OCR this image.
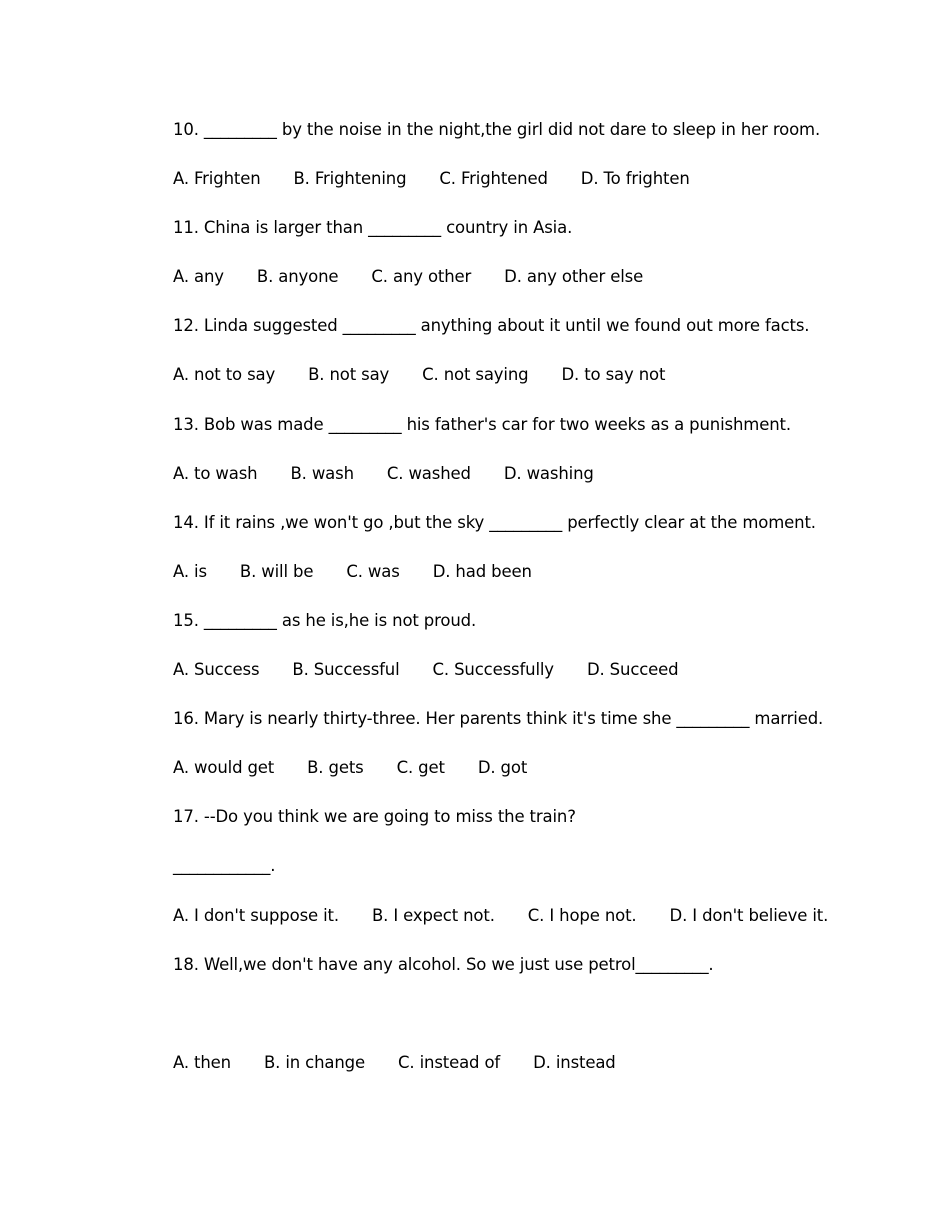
10. _________ by the noise in the night,the girl did not dare to sleep in her room.
A. Frighten B. Frightening C. Frightened D. To frighten
11. China is larger than _________ country in Asia.
A. any B. anyone C. any other D. any other else
12. Linda suggested _________ anything about it until we found out more facts.
A. not to say B. not say C. not saying D. to say not
13. Bob was made _________ his father's car for two weeks as a punishment.
A. to wash B. wash C. washed D. washing
14. If it rains ,we won't go ,but the sky _________ perfectly clear at the moment.
A. is B. will be C. was D. had been
15. _________ as he is,he is not proud.
A. Success B. Successful C. Successfully D. Succeed
16. Mary is nearly thirty-three. Her parents think it's time she _________ married.
A. would get B. gets C. get D. got
17. --Do you think we are going to miss the train?
____________.
A. I don't suppose it. B. I expect not. C. I hope not. D. I don't believe it.
18. Well,we don't have any alcohol. So we just use petrol_________.
A. then B. in change C. instead of D. instead
